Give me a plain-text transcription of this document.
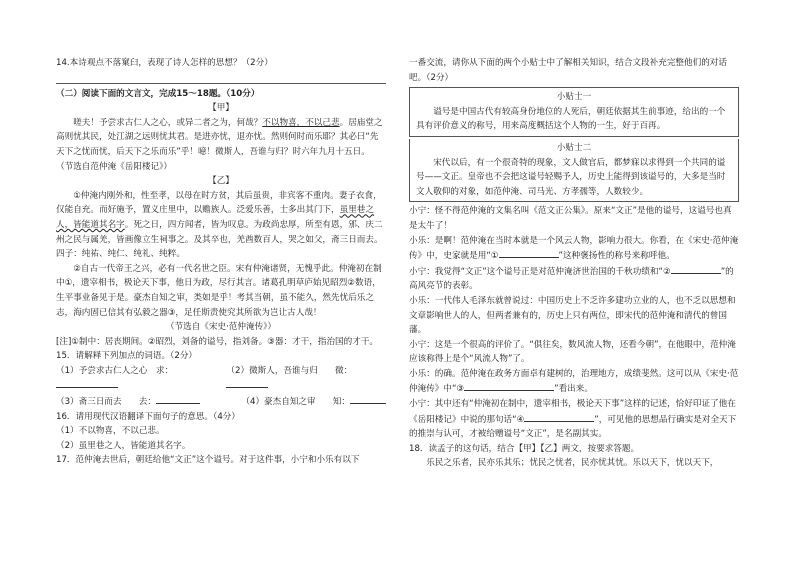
14.本诗观点不落窠臼，表现了诗人怎样的思想？（2分）

（二）阅读下面的文言文，完成15～18题。（10分）

【甲】

嗟夫！予尝求古仁人之心，或异二者之为，何哉？不以物喜，不以己悲。居庙堂之高则忧其民，处江湖之远则忧其君。是进亦忧，退亦忧。然则何时而乐耶？其必曰“先天下之忧而忧，后天下之乐而乐”乎！噫！微斯人，吾谁与归？时六年九月十五日。（节选自范仲淹《岳阳楼记》）

【乙】

①仲淹内刚外和，性至孝，以母在时方贫，其后虽贵，非宾客不重肉。妻子衣食，仅能自充。而好施予，置义庄里中，以赡族人。泛爱乐善，士多出其门下，虽里巷之人，皆能道其名字。死之日，四方闻者，皆为叹息。为政尚忠厚，所至有恩，邠、庆二州之民与属羌，皆画像立生祠事之。及其卒也，羌酋数百人，哭之如父，斋三日而去。四子：纯祐、纯仁、纯礼、纯粹。

②自古一代帝王之兴，必有一代名世之臣。宋有仲淹诸贤，无愧乎此。仲淹初在制中①，遗宰相书，极论天下事，他日为政，尽行其言。诸葛孔明草庐始见昭烈②数语，生平事业备见于是。豪杰自知之审，类如是乎！考其当朝，虽不能久，然先忧后乐之志，海内固已信其有弘毅之器③，足任斯责使究其所欲为岂让古人哉！

（节选自《宋史·范仲淹传》）

[注]①制中：居丧期间。②昭烈，刘备的谥号，指刘备。③器：才干，指治国的才干。

15．请解释下列加点的词语。（2分）

（1）予尝求古仁人之心　求：	（2）微斯人，吾谁与归　　微：
（3）斋三日而去　　去：	（4）豪杰自知之审　　知：

16．请用现代汉语翻译下面句子的意思。（4分）

（1）不以物喜，不以己悲。

（2）虽里巷之人，皆能道其名字。

17．范仲淹去世后，朝廷给他“文正”这个谥号。对于这件事，小宁和小乐有以下

一番交流，请你从下面的两个小贴士中了解相关知识，结合文段补充完整他们的对话吧。（2分）

小贴士一

谥号是中国古代有较高身份地位的人死后，朝廷依据其生前事迹，给出的一个具有评价意义的称号，用来高度概括这个人物的一生，好于百再。

小贴士二

宋代以后，有一个很奇特的现象，文人做官后，都梦寐以求得到一个共同的谥号——文正。皇帝也不会把这谥号轻赐予人，历史上能得到该谥号的，大多是当时文人敬仰的对象，如范仲淹、司马光、方孝孺等，人数较少。

小宁：怪不得范仲淹的文集名叫《范文正公集》。原来“文正”是他的谥号，这谥号也真是太牛了！

小乐：是啊！范仲淹在当时本就是一个风云人物，影响力很大。你看，在《宋史·范仲淹传》中，史家就是用“①	”这种褒扬性的称号来称呼他。

小宁：我觉得“文正”这个谥号正是对范仲淹济世治国的千秋功绩和“②	”的高风亮节的表彰。

小乐：一代伟人毛泽东就曾说过：中国历史上不乏许多建功立业的人，也不乏以思想和文章影响世人的人，但两者兼有的，历史上只有两位，即宋代的范仲淹和清代的曾国藩。

小宁：这是一个很高的评价了。“俱往矣，数风流人物，还看今朝”，在他眼中，范仲淹应该称得上是个“风流人物”了。

小乐：的确。范仲淹在政务方面卓有建树的，治理地方，成绩斐然。这可以从《宋史·范仲淹传》中“③	”看出来。

小宁：其中还有“仲淹初在制中，遗宰相书，极论天下事”这样的记述，恰好印证了他在《岳阳楼记》中说的那句话“④	”，可见他的思想品行确实是对全天下的推崇与认可，才被给赠谥号“文正”，是名副其实。

18．读孟子的这句话，结合【甲】【乙】两文，按要求答题。

乐民之乐者，民亦乐其乐；忧民之忧者，民亦忧其忧。乐以天下，忧以天下，
